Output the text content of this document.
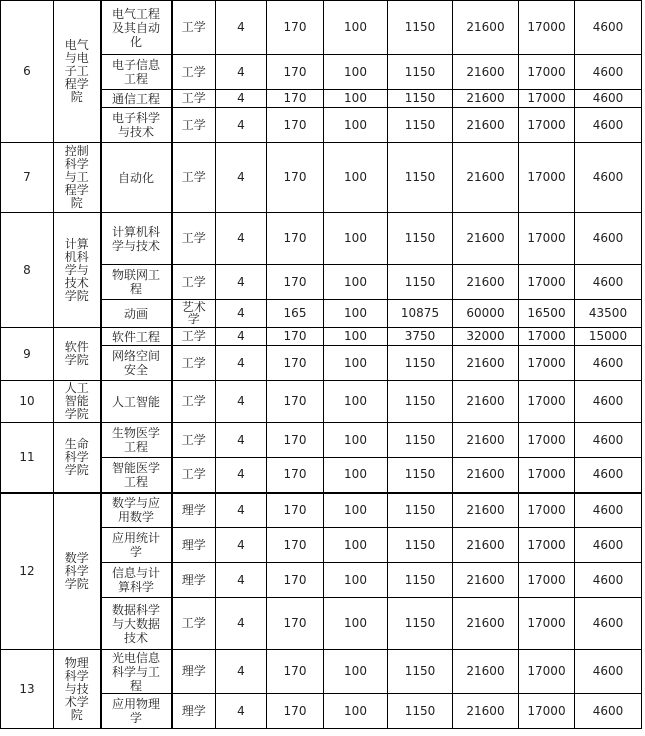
6	电气与电子工程学院	电气工程及其自动化	工学	4	170	100	1150	21600	17000	4600
		电子信息工程	工学	4	170	100	1150	21600	17000	4600
		通信工程	工学	4	170	100	1150	21600	17000	4600
		电子科学与技术	工学	4	170	100	1150	21600	17000	4600
7	控制科学与工程学院	自动化	工学	4	170	100	1150	21600	17000	4600
8	计算机科学与技术学院	计算机科学与技术	工学	4	170	100	1150	21600	17000	4600
		物联网工程	工学	4	170	100	1150	21600	17000	4600
		动画	艺术学	4	165	100	10875	60000	16500	43500
9	软件学院	软件工程	工学	4	170	100	3750	32000	17000	15000
		网络空间安全	工学	4	170	100	1150	21600	17000	4600
10	人工智能学院	人工智能	工学	4	170	100	1150	21600	17000	4600
11	生命科学学院	生物医学工程	工学	4	170	100	1150	21600	17000	4600
		智能医学工程	工学	4	170	100	1150	21600	17000	4600
12	数学科学学院	数学与应用数学	理学	4	170	100	1150	21600	17000	4600
		应用统计学	理学	4	170	100	1150	21600	17000	4600
		信息与计算科学	理学	4	170	100	1150	21600	17000	4600
		数据科学与大数据技术	工学	4	170	100	1150	21600	17000	4600
13	物理科学与技术学院	光电信息科学与工程	理学	4	170	100	1150	21600	17000	4600
		应用物理学	理学	4	170	100	1150	21600	17000	4600
